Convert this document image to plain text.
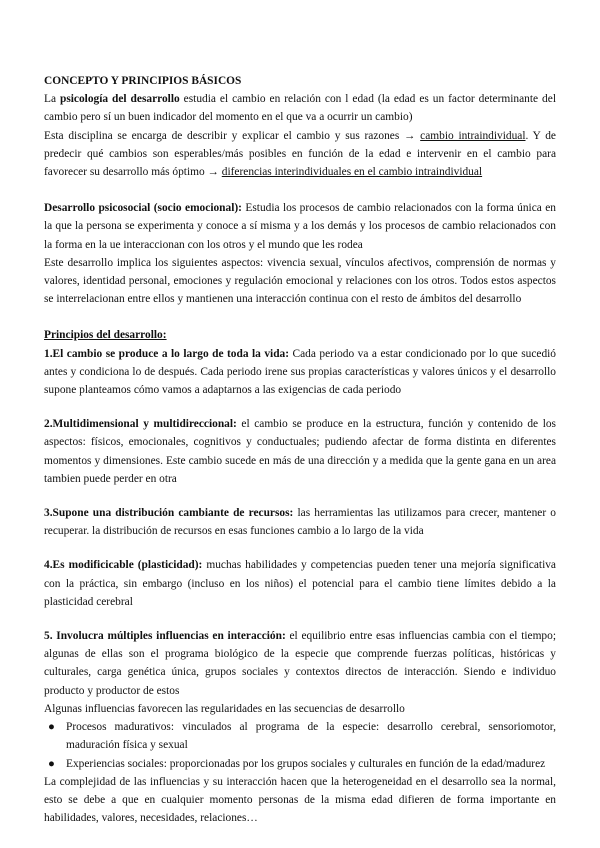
CONCEPTO Y PRINCIPIOS BÁSICOS

La psicología del desarrollo estudia el cambio en relación con l edad (la edad es un factor determinante del cambio pero sí un buen indicador del momento en el que va a ocurrir un cambio)

Esta disciplina se encarga de describir y explicar el cambio y sus razones → cambio intraindividual. Y de predecir qué cambios son esperables/más posibles en función de la edad e intervenir en el cambio para favorecer su desarrollo más óptimo → diferencias interindividuales en el cambio intraindividual

Desarrollo psicosocial (socio emocional): Estudia los procesos de cambio relacionados con la forma única en la que la persona se experimenta y conoce a sí misma y a los demás y los procesos de cambio relacionados con la forma en la ue interaccionan con los otros y el mundo que les rodea

Este desarrollo implica los siguientes aspectos: vivencia sexual, vínculos afectivos, comprensión de normas y valores, identidad personal, emociones y regulación emocional y relaciones con los otros. Todos estos aspectos se interrelacionan entre ellos y mantienen una interacción continua con el resto de ámbitos del desarrollo

Principios del desarrollo:

1.El cambio se produce a lo largo de toda la vida: Cada periodo va a estar condicionado por lo que sucedió antes y condiciona lo de después. Cada periodo irene sus propias características y valores únicos y el desarrollo supone planteamos cómo vamos a adaptarnos a las exigencias de cada periodo

2.Multidimensional y multidireccional: el cambio se produce en la estructura, función y contenido de los aspectos: físicos, emocionales, cognitivos y conductuales; pudiendo afectar de forma distinta en diferentes momentos y dimensiones. Este cambio sucede en más de una dirección y a medida que la gente gana en un area tambien puede perder en otra

3.Supone una distribución cambiante de recursos: las herramientas las utilizamos para crecer, mantener o recuperar. la distribución de recursos en esas funciones cambio a lo largo de la vida

4.Es modificicable (plasticidad): muchas habilidades y competencias pueden tener una mejoría significativa con la práctica, sin embargo (incluso en los niños) el potencial para el cambio tiene límites debido a la plasticidad cerebral

5. Involucra múltiples influencias en interacción: el equilibrio entre esas influencias cambia con el tiempo; algunas de ellas son el programa biológico de la especie que comprende fuerzas políticas, históricas y culturales, carga genética única, grupos sociales y contextos directos de interacción. Siendo e individuo producto y productor de estos

Algunas influencias favorecen las regularidades en las secuencias de desarrollo

● Procesos madurativos: vinculados al programa de la especie: desarrollo cerebral, sensoriomotor, maduración física y sexual
● Experiencias sociales: proporcionadas por los grupos sociales y culturales en función de la edad/madurez

La complejidad de las influencias y su interacción hacen que la heterogeneidad en el desarrollo sea la normal, esto se debe a que en cualquier momento personas de la misma edad difieren de forma importante en habilidades, valores, necesidades, relaciones…
